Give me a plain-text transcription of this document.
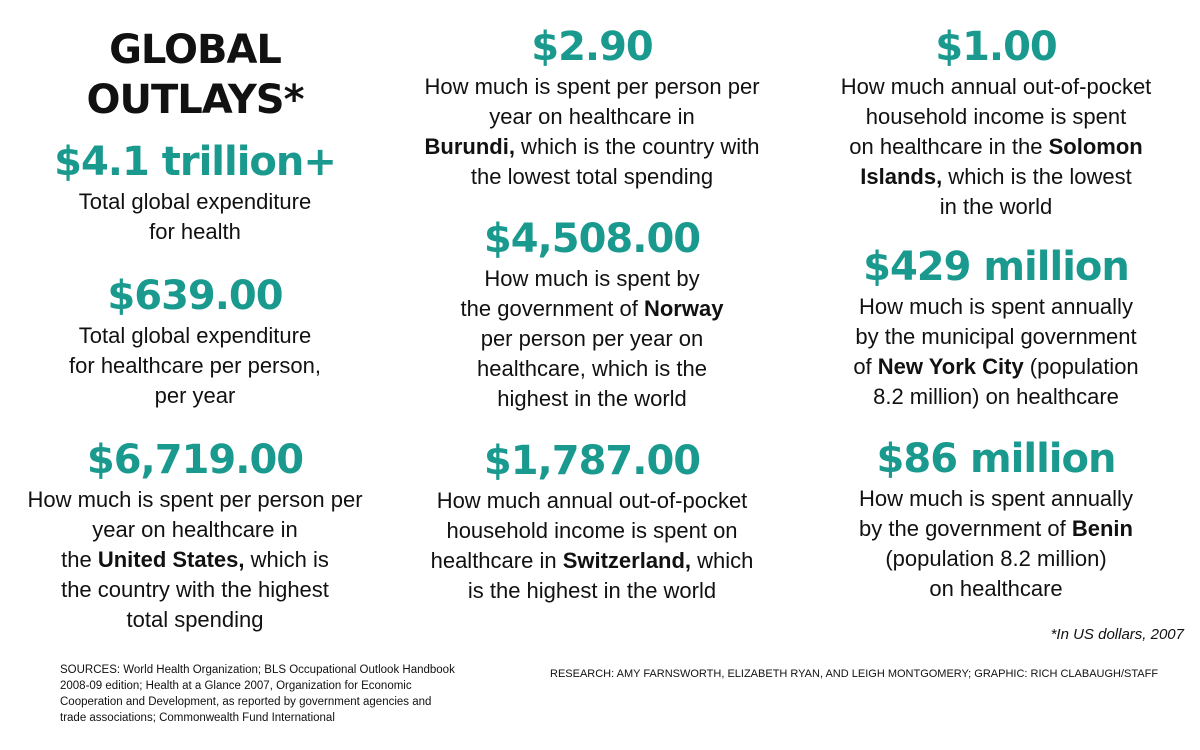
GLOBAL
OUTLAYS*
$4.1 trillion+
Total global expenditure
for health
$639.00
Total global expenditure
for healthcare per person,
per year
$6,719.00
How much is spent per person per
year on healthcare in
the United States, which is
the country with the highest
total spending
$2.90
How much is spent per person per
year on healthcare in
Burundi, which is the country with
the lowest total spending
$4,508.00
How much is spent by
the government of Norway
per person per year on
healthcare, which is the
highest in the world
$1,787.00
How much annual out-of-pocket
household income is spent on
healthcare in Switzerland, which
is the highest in the world
$1.00
How much annual out-of-pocket
household income is spent
on healthcare in the Solomon
Islands, which is the lowest
in the world
$429 million
How much is spent annually
by the municipal government
of New York City (population
8.2 million) on healthcare
$86 million
How much is spent annually
by the government of Benin
(population 8.2 million)
on healthcare
*In US dollars, 2007
SOURCES: World Health Organization; BLS Occupational Outlook Handbook
2008-09 edition; Health at a Glance 2007, Organization for Economic
Cooperation and Development, as reported by government agencies and
trade associations; Commonwealth Fund International
RESEARCH: AMY FARNSWORTH, ELIZABETH RYAN, AND LEIGH MONTGOMERY; GRAPHIC: RICH CLABAUGH/STAFF
